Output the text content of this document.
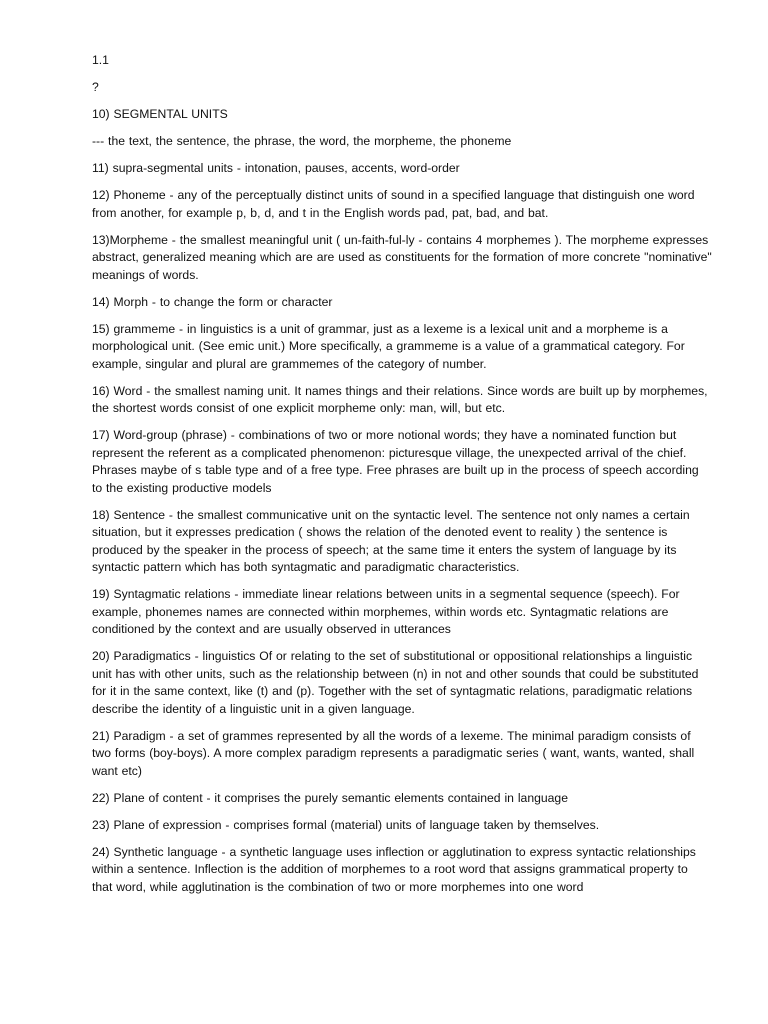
1.1

?

10) SEGMENTAL UNITS

--- the text, the sentence, the phrase, the word, the morpheme, the phoneme

11) supra-segmental units - intonation, pauses, accents, word-order

12) Phoneme - any of the perceptually distinct units of sound in a specified language that distinguish one word from another, for example p, b, d, and t in the English words pad, pat, bad, and bat.

13)Morpheme - the smallest meaningful unit ( un-faith-ful-ly - contains 4 morphemes ). The morpheme expresses abstract, generalized meaning which are are used as constituents for the formation of more concrete "nominative" meanings of words.

14) Morph - to change the form or character

15) grammeme - in linguistics is a unit of grammar, just as a lexeme is a lexical unit and a morpheme is a morphological unit. (See emic unit.) More specifically, a grammeme is a value of a grammatical category. For example, singular and plural are grammemes of the category of number.

16) Word - the smallest naming unit. It names things and their relations. Since words are built up by morphemes, the shortest words consist of one explicit morpheme only: man, will, but etc.

17) Word-group (phrase) - combinations of two or more notional words; they have a nominated function but represent the referent as a complicated phenomenon: picturesque village, the unexpected arrival of the chief. Phrases maybe of s table type and of a free type. Free phrases are built up in the process of speech according to the existing productive models

18) Sentence - the smallest communicative unit on the syntactic level. The sentence not only names a certain situation, but it expresses predication ( shows the relation of the denoted event to reality ) the sentence is produced by the speaker in the process of speech; at the same time it enters the system of language by its syntactic pattern which has both syntagmatic and paradigmatic characteristics.

19) Syntagmatic relations - immediate linear relations between units in a segmental sequence (speech). For example, phonemes names are connected within morphemes, within words etc. Syntagmatic relations are conditioned by the context and are usually observed in utterances

20) Paradigmatics - linguistics Of or relating to the set of substitutional or oppositional relationships a linguistic unit has with other units, such as the relationship between (n) in not and other sounds that could be substituted for it in the same context, like (t) and (p). Together with the set of syntagmatic relations, paradigmatic relations describe the identity of a linguistic unit in a given language.

21) Paradigm - a set of grammes represented by all the words of a lexeme. The minimal paradigm consists of two forms (boy-boys). A more complex paradigm represents a paradigmatic series ( want, wants, wanted, shall want etc)

22) Plane of content - it comprises the purely semantic elements contained in language

23) Plane of expression - comprises formal (material) units of language taken by themselves.

24) Synthetic language - a synthetic language uses inflection or agglutination to express syntactic relationships within a sentence. Inflection is the addition of morphemes to a root word that assigns grammatical property to that word, while agglutination is the combination of two or more morphemes into one word
